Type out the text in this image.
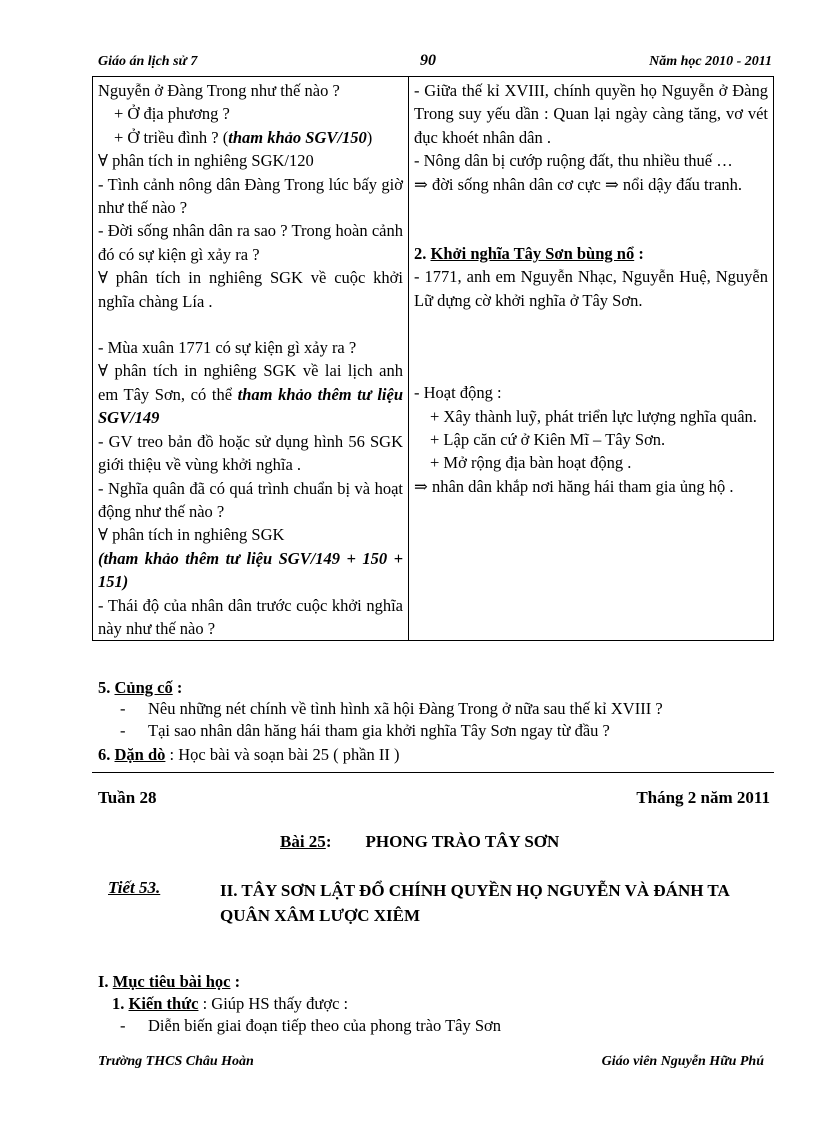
Giáo án lịch sử 7	90	Năm học 2010 - 2011
Nguyễn ở Đàng Trong như thế nào ?
+ Ở địa phương ?
+ Ở triều đình ? (tham khảo SGV/150)
∀ phân tích in nghiêng SGK/120
- Tình cảnh nông dân Đàng Trong lúc bấy giờ như thế nào ?
- Đời sống nhân dân ra sao ? Trong hoàn cảnh đó có sự kiện gì xảy ra ?
∀ phân tích in nghiêng SGK về cuộc khởi nghĩa chàng Lía .
- Mùa xuân 1771 có sự kiện gì xảy ra ?
∀ phân tích in nghiêng SGK về lai lịch anh em Tây Sơn, có thể tham khảo thêm tư liệu SGV/149
- GV treo bản đồ hoặc sử dụng hình 56 SGK giới thiệu về vùng khởi nghĩa .
- Nghĩa quân đã có quá trình chuẩn bị và hoạt động như thế nào ?
∀ phân tích in nghiêng SGK
(tham khảo thêm tư liệu SGV/149 + 150 + 151)
- Thái độ của nhân dân trước cuộc khởi nghĩa này như thế nào ?

- Giữa thế kỉ XVIII, chính quyền họ Nguyễn ở Đàng Trong suy yếu dần : Quan lại ngày càng tăng, vơ vét đục khoét nhân dân .
- Nông dân bị cướp ruộng đất, thu nhiều thuế …
⇒ đời sống nhân dân cơ cực ⇒ nổi dậy đấu tranh.
2. Khởi nghĩa Tây Sơn bùng nổ :
- 1771, anh em Nguyễn Nhạc, Nguyễn Huệ, Nguyễn Lữ dựng cờ khởi nghĩa ở Tây Sơn.
- Hoạt động :
+ Xây thành luỹ, phát triển lực lượng nghĩa quân.
+ Lập căn cứ ở Kiên Mĩ – Tây Sơn.
+ Mở rộng địa bàn hoạt động .
⇒ nhân dân khắp nơi hăng hái tham gia ủng hộ .
5. Củng cố :
- Nêu những nét chính về tình hình xã hội Đàng Trong ở nữa sau thế kỉ XVIII ?
- Tại sao nhân dân hăng hái tham gia khởi nghĩa Tây Sơn ngay từ đầu ?
6. Dặn dò : Học bài và soạn bài 25 ( phần II )
Tuần 28	Tháng 2 năm 2011
Bài 25: PHONG TRÀO TÂY SƠN
Tiết 53.	II. TÂY SƠN LẬT ĐỔ CHÍNH QUYỀN HỌ NGUYỄN VÀ ĐÁNH TA QUÂN XÂM LƯỢC XIÊM
I. Mục tiêu bài học :
1. Kiến thức : Giúp HS thấy được :
- Diễn biến giai đoạn tiếp theo của phong trào Tây Sơn
Trường THCS Châu Hoàn	Giáo viên Nguyễn Hữu Phú
